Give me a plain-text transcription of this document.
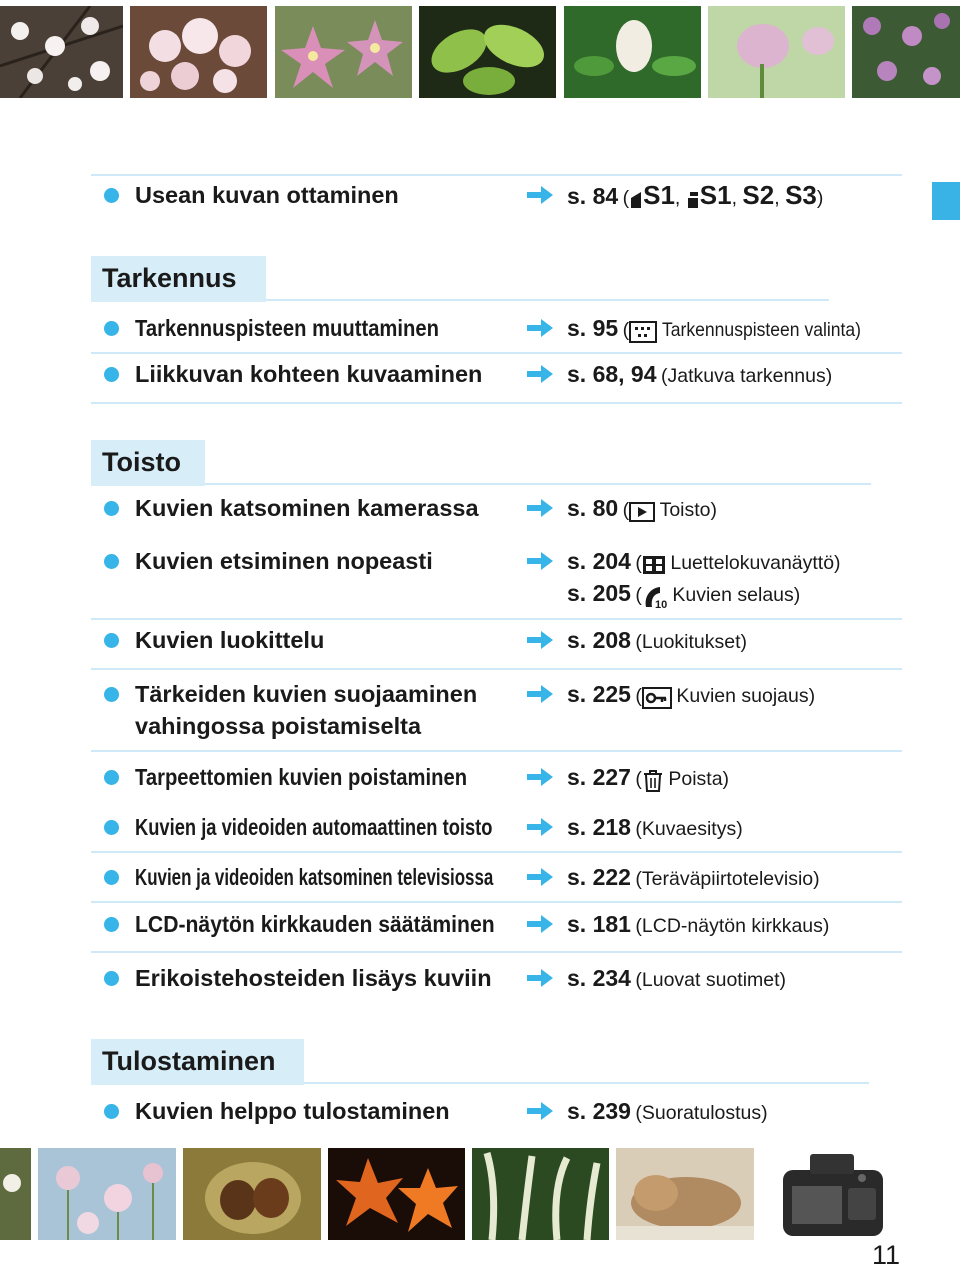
Usean kuvan ottaminen	s. 84 ( S1, S1, S2, S3)
Tarkennus
Tarkennuspisteen muuttaminen	s. 95 ( Tarkennuspisteen valinta)
Liikkuvan kohteen kuvaaminen	s. 68, 94 (Jatkuva tarkennus)
Toisto
Kuvien katsominen kamerassa	s. 80 ( Toisto)
Kuvien etsiminen nopeasti	s. 204 ( Luettelokuvanäyttö)
s. 205 ( 10 Kuvien selaus)
Kuvien luokittelu	s. 208 (Luokitukset)
Tärkeiden kuvien suojaaminen
vahingossa poistamiselta
s. 225 ( Kuvien suojaus)
Tarpeettomien kuvien poistaminen	s. 227 ( Poista)
Kuvien ja videoiden automaattinen toisto	s. 218 (Kuvaesitys)
Kuvien ja videoiden katsominen televisiossa	s. 222 (Teräväpiirtotelevisio)
LCD-näytön kirkkauden säätäminen	s. 181 (LCD-näytön kirkkaus)
Erikoistehosteiden lisäys kuviin	s. 234 (Luovat suotimet)
Tulostaminen
Kuvien helppo tulostaminen	s. 239 (Suoratulostus)
11
